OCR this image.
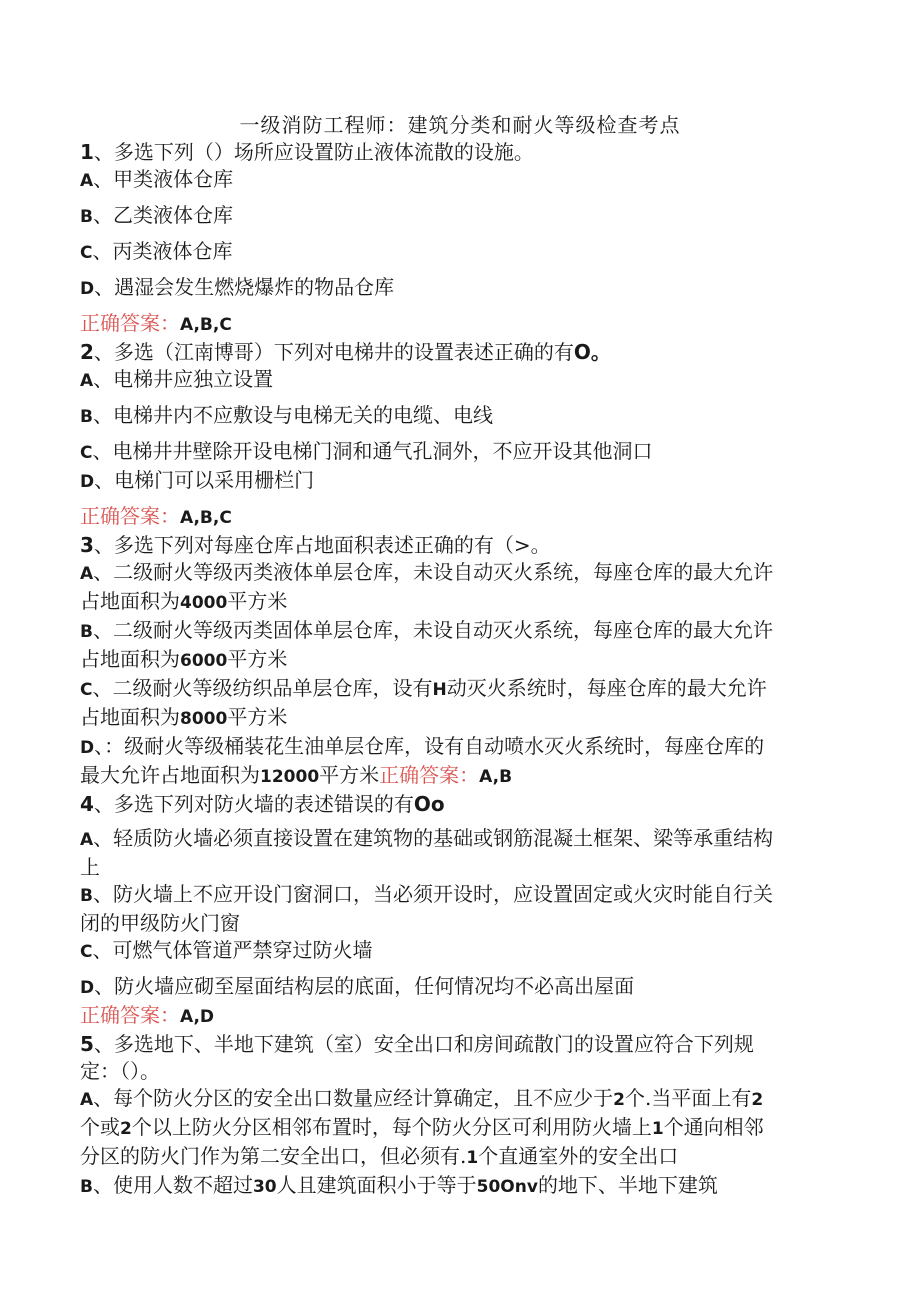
一级消防工程师：建筑分类和耐火等级检查考点

1、多选下列（）场所应设置防止液体流散的设施。

A、甲类液体仓库

B、乙类液体仓库

C、丙类液体仓库

D、遇湿会发生燃烧爆炸的物品仓库

正确答案：A,B,C

2、多选（江南博哥）下列对电梯井的设置表述正确的有O。

A、电梯井应独立设置

B、电梯井内不应敷设与电梯无关的电缆、电线

C、电梯井井壁除开设电梯门洞和通气孔洞外，不应开设其他洞口

D、电梯门可以采用栅栏门

正确答案：A,B,C

3、多选下列对每座仓库占地面积表述正确的有（>。

A、二级耐火等级丙类液体单层仓库，未设自动灭火系统，每座仓库的最大允许

占地面积为4000平方米

B、二级耐火等级丙类固体单层仓库，未设自动灭火系统，每座仓库的最大允许

占地面积为6000平方米

C、二级耐火等级纺织品单层仓库，设有H动灭火系统时，每座仓库的最大允许

占地面积为8000平方米

D、：级耐火等级桶装花生油单层仓库，设有自动喷水灭火系统时，每座仓库的

最大允许占地面积为12000平方米正确答案：A,B

4、多选下列对防火墙的表述错误的有Oo

A、轻质防火墙必须直接设置在建筑物的基础或钢筋混凝土框架、梁等承重结构

上

B、防火墙上不应开设门窗洞口，当必须开设时，应设置固定或火灾时能自行关

闭的甲级防火门窗

C、可燃气体管道严禁穿过防火墙

D、防火墙应砌至屋面结构层的底面，任何情况均不必高出屋面

正确答案：A,D

5、多选地下、半地下建筑（室）安全出口和房间疏散门的设置应符合下列规

定：（）。

A、每个防火分区的安全出口数量应经计算确定，且不应少于2个.当平面上有2

个或2个以上防火分区相邻布置时，每个防火分区可利用防火墙上1个通向相邻

分区的防火门作为第二安全出口，但必须有.1个直通室外的安全出口

B、使用人数不超过30人且建筑面积小于等于50Onv的地下、半地下建筑
